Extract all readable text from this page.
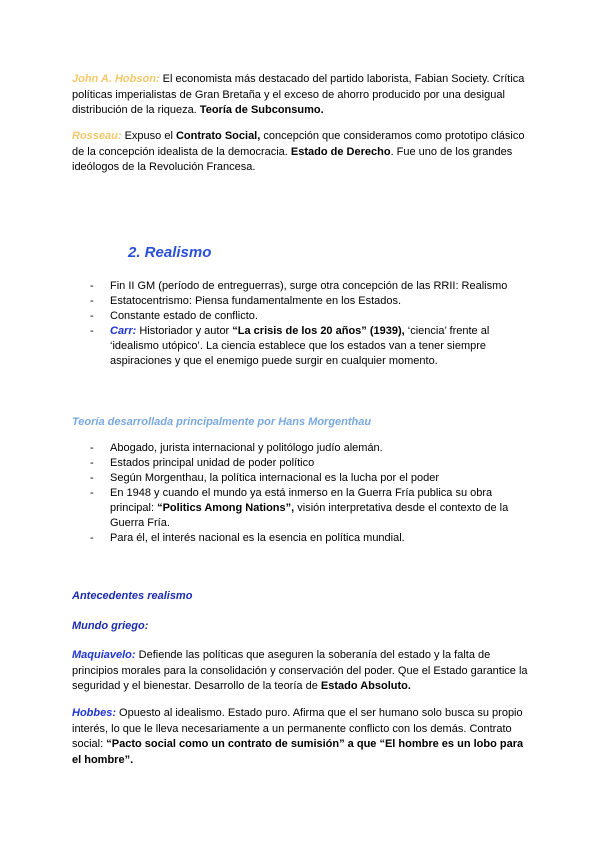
John A. Hobson: El economista más destacado del partido laborista, Fabian Society. Crítica políticas imperialistas de Gran Bretaña y el exceso de ahorro producido por una desigual distribución de la riqueza. Teoría de Subconsumo.
Rosseau: Expuso el Contrato Social, concepción que consideramos como prototipo clásico de la concepción idealista de la democracia. Estado de Derecho. Fue uno de los grandes ideólogos de la Revolución Francesa.
2. Realismo
- Fin II GM (período de entreguerras), surge otra concepción de las RRII: Realismo
- Estatocentrismo: Piensa fundamentalmente en los Estados.
- Constante estado de conflicto.
- Carr: Historiador y autor “La crisis de los 20 años” (1939), ‘ciencia’ frente al ‘idealismo utópico’. La ciencia establece que los estados van a tener siempre aspiraciones y que el enemigo puede surgir en cualquier momento.
Teoría desarrollada principalmente por Hans Morgenthau
- Abogado, jurista internacional y politólogo judío alemán.
- Estados principal unidad de poder político
- Según Morgenthau, la política internacional es la lucha por el poder
- En 1948 y cuando el mundo ya está inmerso en la Guerra Fría publica su obra principal: “Politics Among Nations”, visión interpretativa desde el contexto de la Guerra Fría.
- Para él, el interés nacional es la esencia en política mundial.
Antecedentes realismo
Mundo griego:
Maquiavelo: Defiende las políticas que aseguren la soberanía del estado y la falta de principios morales para la consolidación y conservación del poder. Que el Estado garantice la seguridad y el bienestar. Desarrollo de la teoría de Estado Absoluto.
Hobbes: Opuesto al idealismo. Estado puro. Afirma que el ser humano solo busca su propio interés, lo que le lleva necesariamente a un permanente conflicto con los demás. Contrato social: “Pacto social como un contrato de sumisión” a que “El hombre es un lobo para el hombre”.
